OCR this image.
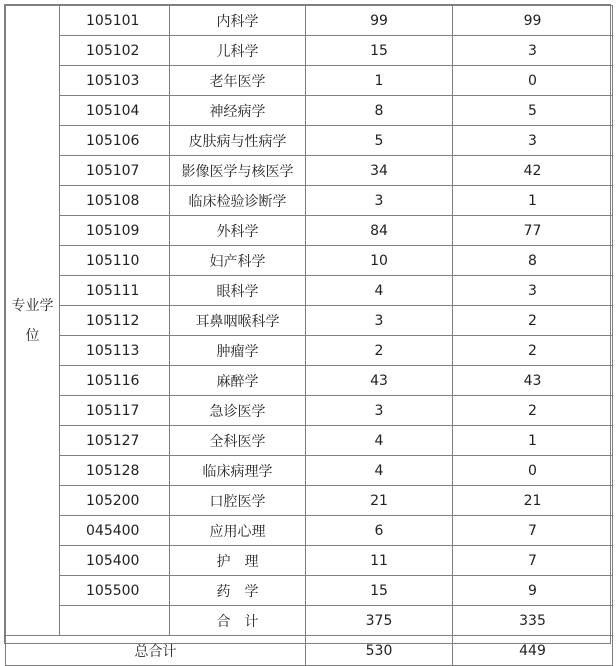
专业学位	105101	内科学	99	99
	105102	儿科学	15	3
	105103	老年医学	1	0
	105104	神经病学	8	5
	105106	皮肤病与性病学	5	3
	105107	影像医学与核医学	34	42
	105108	临床检验诊断学	3	1
	105109	外科学	84	77
	105110	妇产科学	10	8
	105111	眼科学	4	3
	105112	耳鼻咽喉科学	3	2
	105113	肿瘤学	2	2
	105116	麻醉学	43	43
	105117	急诊医学	3	2
	105127	全科医学	4	1
	105128	临床病理学	4	0
	105200	口腔医学	21	21
	045400	应用心理	6	7
	105400	护　理	11	7
	105500	药　学	15	9
		合　计	375	335
总合计			530	449
